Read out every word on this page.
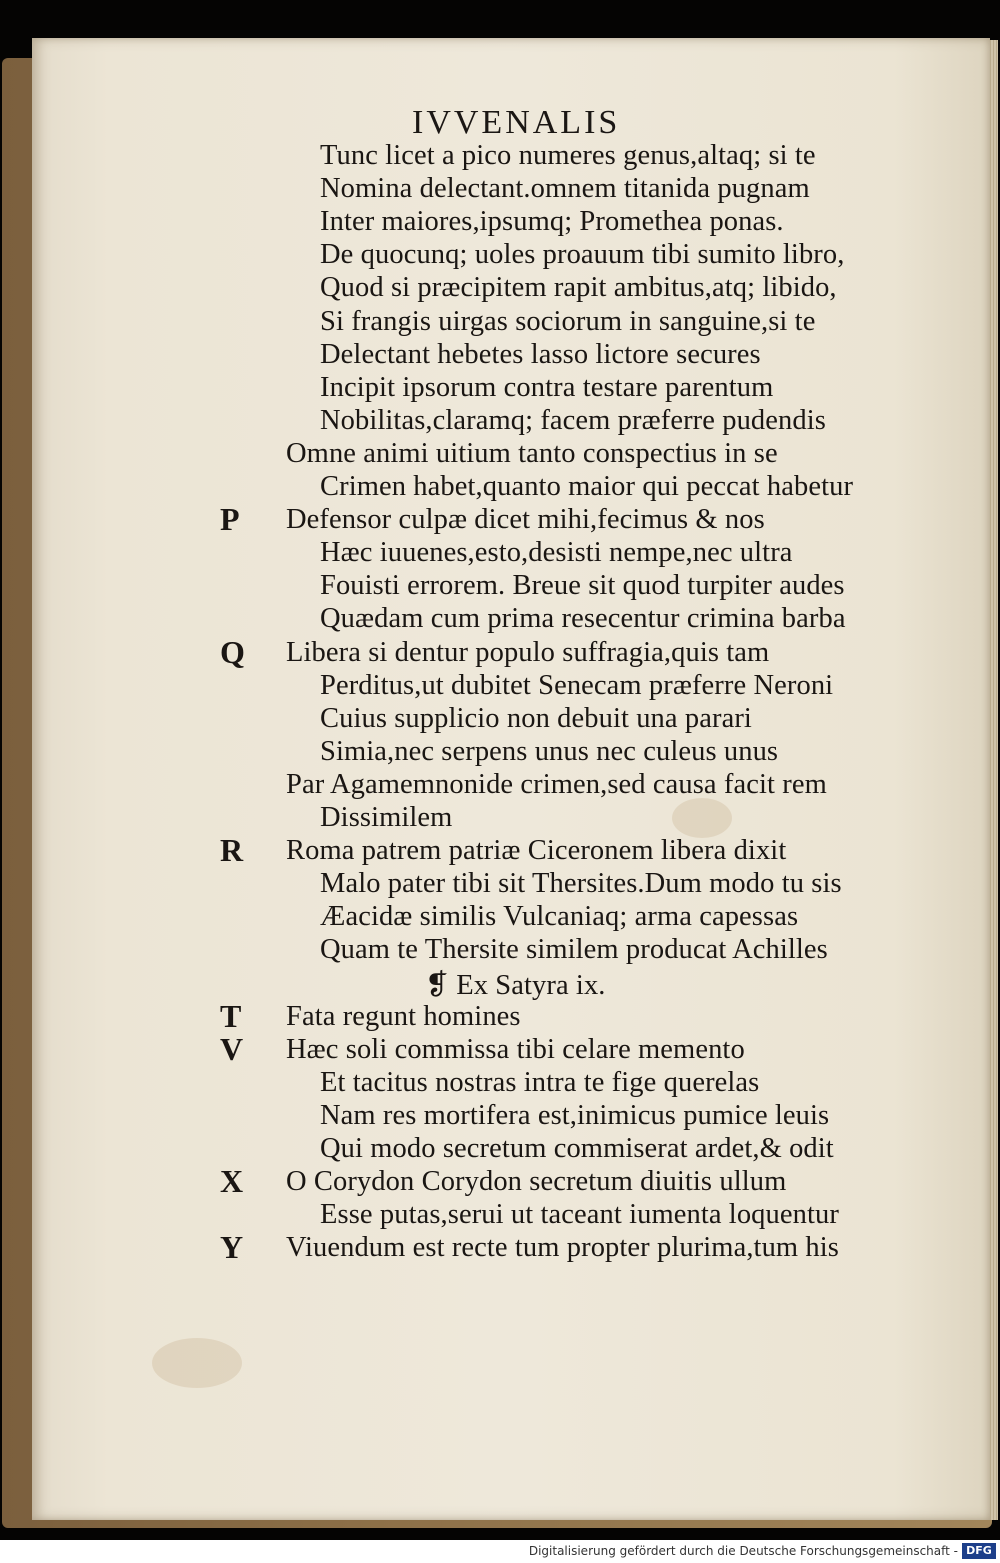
IVVENALIS
Tunc licet a pico numeres genus,altaq; si te
Nomina delectant.omnem titanida pugnam
Inter maiores,ipsumq; Promethea ponas.
De quocunq; uoles proauum tibi sumito libro,
Quod si præcipitem rapit ambitus,atq; libido,
Si frangis uirgas sociorum in sanguine,si te
Delectant hebetes lasso lictore secures
Incipit ipsorum contra testare parentum
Nobilitas,claramq; facem præferre pudendis
Omne animi uitium tanto conspectius in se
Crimen habet,quanto maior qui peccat habetur
Defensor culpæ dicet mihi,fecimus & nos
P
Hæc iuuenes,esto,desisti nempe,nec ultra
Fouisti errorem. Breue sit quod turpiter audes
Quædam cum prima resecentur crimina barba
Libera si dentur populo suffragia,quis tam
Q
Perditus,ut dubitet Senecam præferre Neroni
Cuius supplicio non debuit una parari
Simia,nec serpens unus nec culeus unus
Par Agamemnonide crimen,sed causa facit rem
Dissimilem
Roma patrem patriæ Ciceronem libera dixit
R
Malo pater tibi sit Thersites.Dum modo tu sis
Æacidæ similis Vulcaniaq; arma capessas
Quam te Thersite similem producat Achilles
❡ Ex Satyra ix.
Fata regunt homines
T
Hæc soli commissa tibi celare memento
V
Et tacitus nostras intra te fige querelas
Nam res mortifera est,inimicus pumice leuis
Qui modo secretum commiserat ardet,& odit
O Corydon Corydon secretum diuitis ullum
X
Esse putas,serui ut taceant iumenta loquentur
Viuendum est recte tum propter plurima,tum his
Y
Digitalisierung gefördert durch die Deutsche Forschungsgemeinschaft - DFG
